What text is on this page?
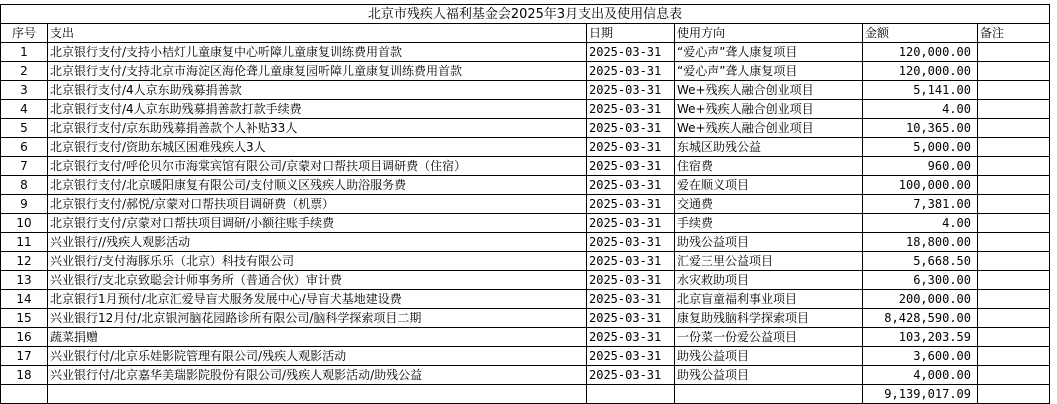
北京市残疾人福利基金会2025年3月支出及使用信息表					
序号	支出	日期	使用方向	金额	备注
1	北京银行支付/支持小桔灯儿童康复中心听障儿童康复训练费用首款	2025-03-31	“爱心声”聋人康复项目	120,000.00	
2	北京银行支付/支持北京市海淀区海伦聋儿童康复园听障儿童康复训练费用首款	2025-03-31	“爱心声”聋人康复项目	120,000.00	
3	北京银行支付/4人京东助残募捐善款	2025-03-31	We+残疾人融合创业项目	5,141.00	
4	北京银行支付/4人京东助残募捐善款打款手续费	2025-03-31	We+残疾人融合创业项目	4.00	
5	北京银行支付/京东助残募捐善款个人补贴33人	2025-03-31	We+残疾人融合创业项目	10,365.00	
6	北京银行支付/资助东城区困难残疾人3人	2025-03-31	东城区助残公益	5,000.00	
7	北京银行支付/呼伦贝尔市海棠宾馆有限公司/京蒙对口帮扶项目调研费（住宿）	2025-03-31	住宿费	960.00	
8	北京银行支付/北京暖阳康复有限公司/支付顺义区残疾人助浴服务费	2025-03-31	爱在顺义项目	100,000.00	
9	北京银行支付/郝悦/京蒙对口帮扶项目调研费（机票）	2025-03-31	交通费	7,381.00	
10	北京银行支付/京蒙对口帮扶项目调研/小额往账手续费	2025-03-31	手续费	4.00	
11	兴业银行//残疾人观影活动	2025-03-31	助残公益项目	18,800.00	
12	兴业银行/支付海豚乐乐（北京）科技有限公司	2025-03-31	汇爱三里公益项目	5,668.50	
13	兴业银行/支北京致聪会计师事务所（普通合伙）审计费	2025-03-31	水灾救助项目	6,300.00	
14	北京银行1月预付/北京汇爱导盲犬服务发展中心/导盲犬基地建设费	2025-03-31	北京盲童福利事业项目	200,000.00	
15	兴业银行12月付/北京银河脑花园路诊所有限公司/脑科学探索项目二期	2025-03-31	康复助残脑科学探索项目	8,428,590.00	
16	蔬菜捐赠	2025-03-31	一份菜一份爱公益项目	103,203.59	
17	兴业银行付/北京乐娃影院管理有限公司/残疾人观影活动	2025-03-31	助残公益项目	3,600.00	
18	兴业银行付/北京嘉华美瑞影院股份有限公司/残疾人观影活动/助残公益	2025-03-31	助残公益项目	4,000.00	
				9,139,017.09	
